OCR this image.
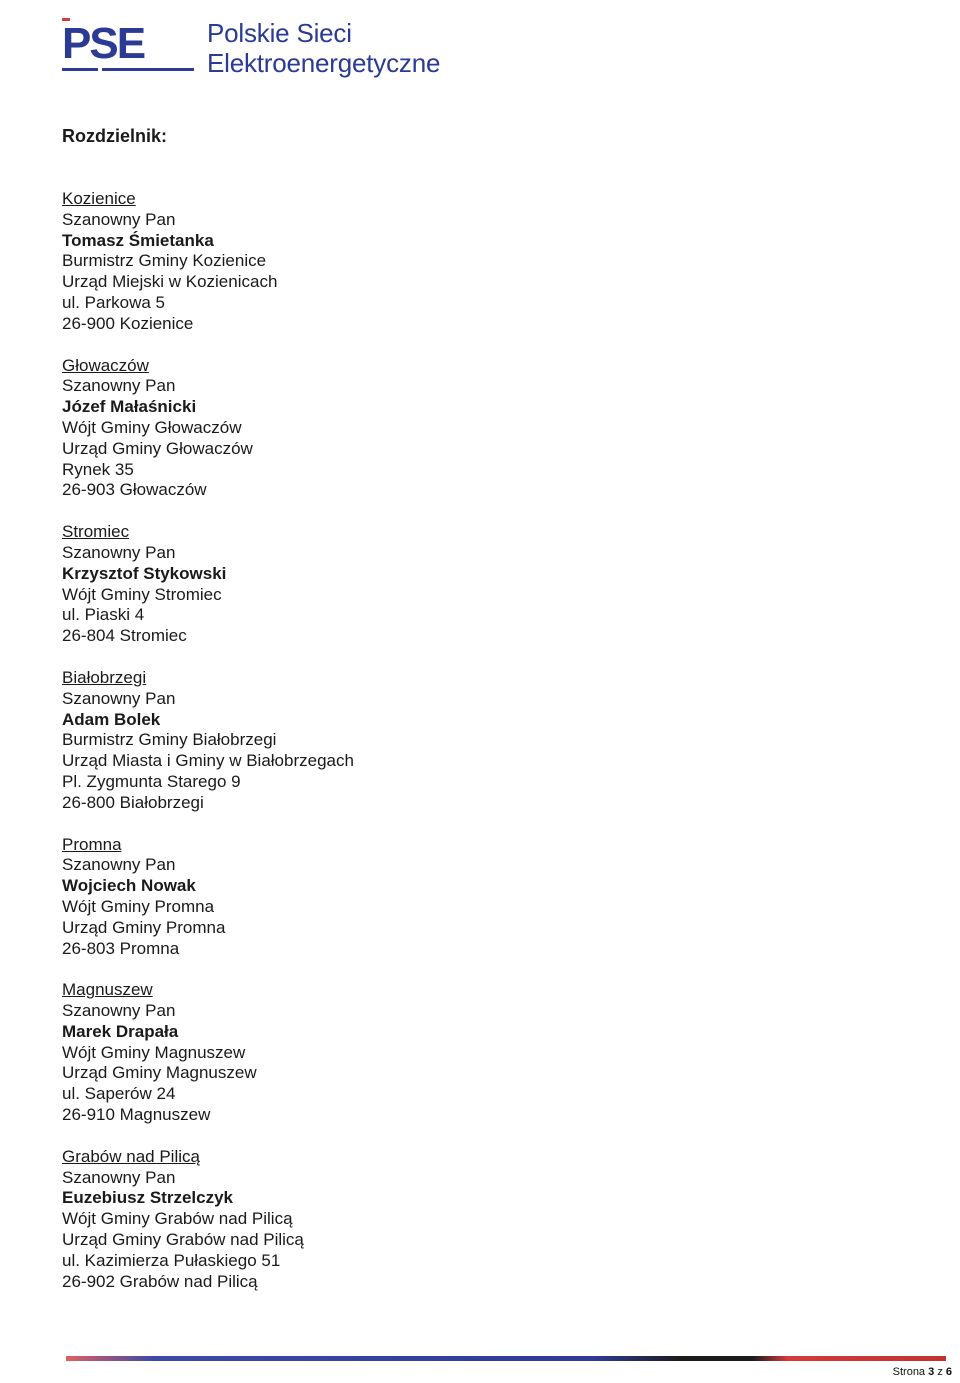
PSE Polskie Sieci
Elektroenergetyczne
Rozdzielnik:
Kozienice
Szanowny Pan
Tomasz Śmietanka
Burmistrz Gminy Kozienice
Urząd Miejski w Kozienicach
ul. Parkowa 5
26-900 Kozienice
Głowaczów
Szanowny Pan
Józef Małaśnicki
Wójt Gminy Głowaczów
Urząd Gminy Głowaczów
Rynek 35
26-903 Głowaczów
Stromiec
Szanowny Pan
Krzysztof Stykowski
Wójt Gminy Stromiec
ul. Piaski 4
26-804 Stromiec
Białobrzegi
Szanowny Pan
Adam Bolek
Burmistrz Gminy Białobrzegi
Urząd Miasta i Gminy w Białobrzegach
Pl. Zygmunta Starego 9
26-800 Białobrzegi
Promna
Szanowny Pan
Wojciech Nowak
Wójt Gminy Promna
Urząd Gminy Promna
26-803 Promna
Magnuszew
Szanowny Pan
Marek Drapała
Wójt Gminy Magnuszew
Urząd Gminy Magnuszew
ul. Saperów 24
26-910 Magnuszew
Grabów nad Pilicą
Szanowny Pan
Euzebiusz Strzelczyk
Wójt Gminy Grabów nad Pilicą
Urząd Gminy Grabów nad Pilicą
ul. Kazimierza Pułaskiego 51
26-902 Grabów nad Pilicą
Strona 3 z 6
